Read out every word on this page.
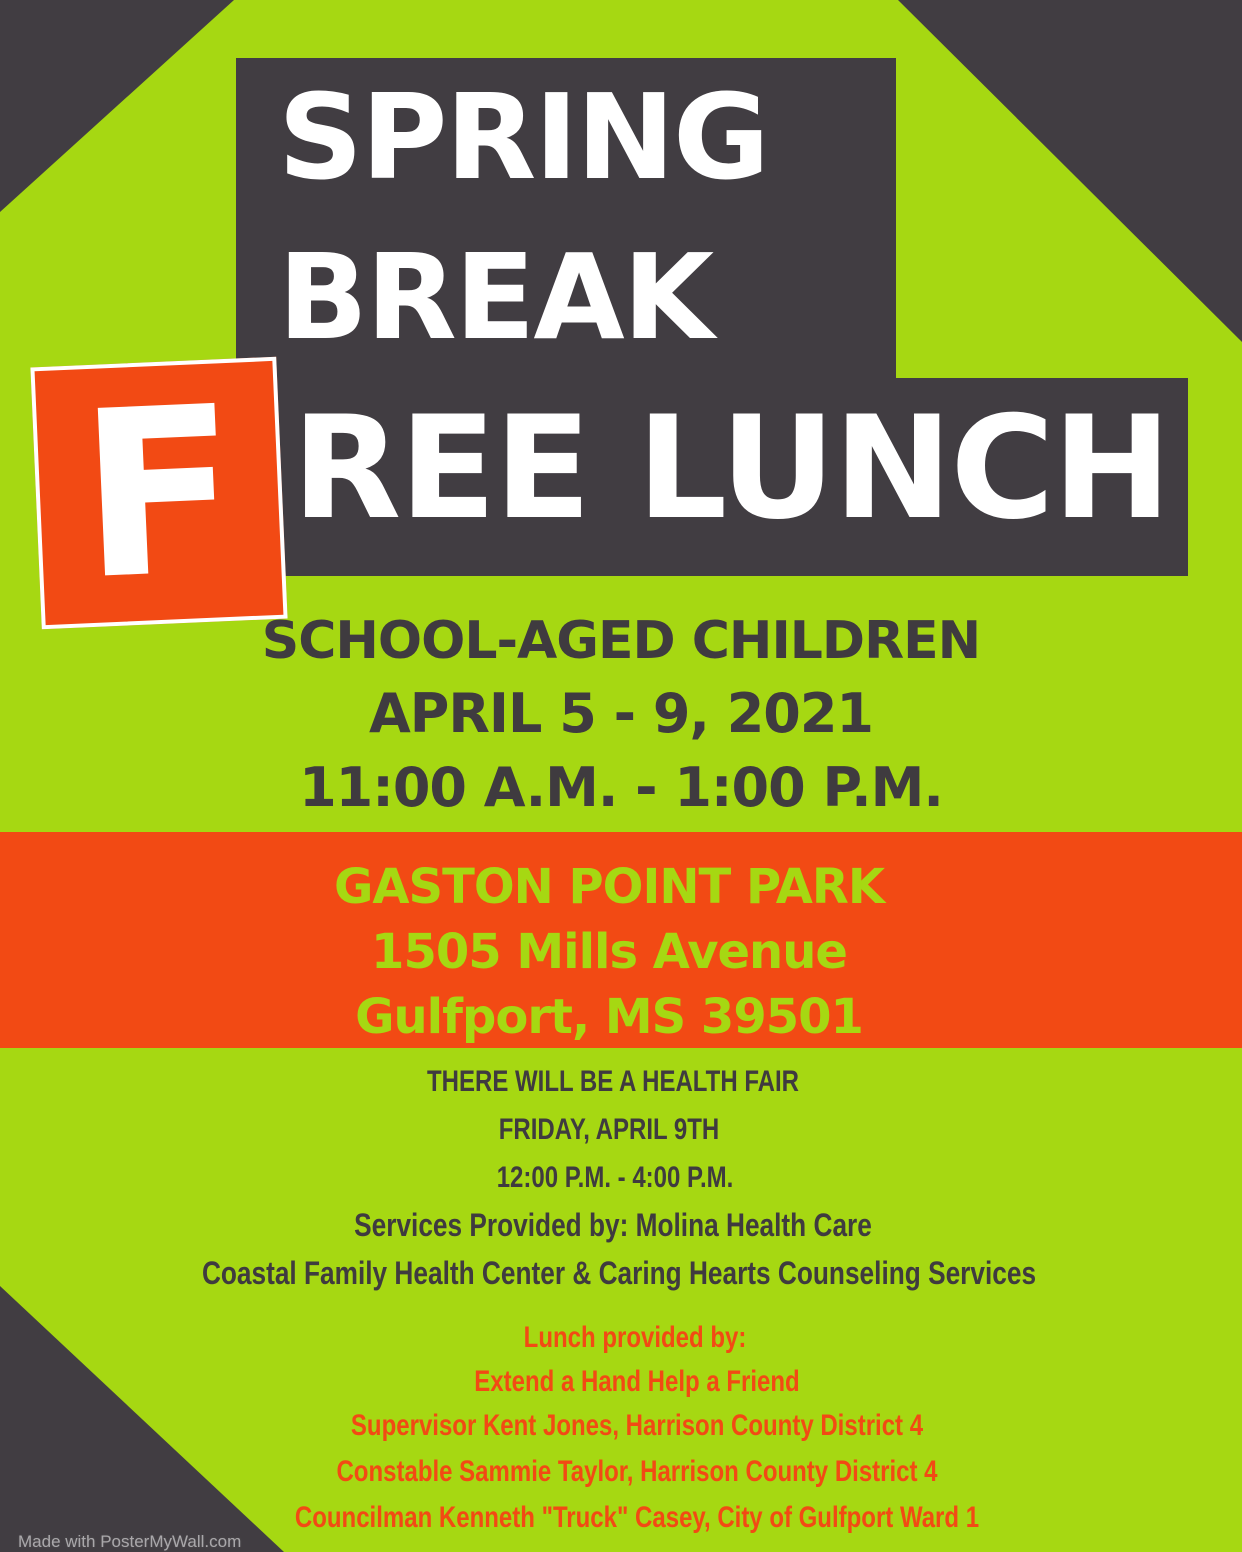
SPRING
BREAK
REE LUNCH
F
SCHOOL-AGED CHILDREN
APRIL 5 - 9, 2021
11:00 A.M. - 1:00 P.M.
GASTON POINT PARK
1505 Mills Avenue
Gulfport, MS 39501
THERE WILL BE A HEALTH FAIR
FRIDAY, APRIL 9TH
12:00 P.M. - 4:00 P.M.
Services Provided by: Molina Health Care
Coastal Family Health Center & Caring Hearts Counseling Services
Lunch provided by:
Extend a Hand Help a Friend
Supervisor Kent Jones, Harrison County District 4
Constable Sammie Taylor, Harrison County District 4
Councilman Kenneth "Truck" Casey, City of Gulfport Ward 1
Made with PosterMyWall.com
